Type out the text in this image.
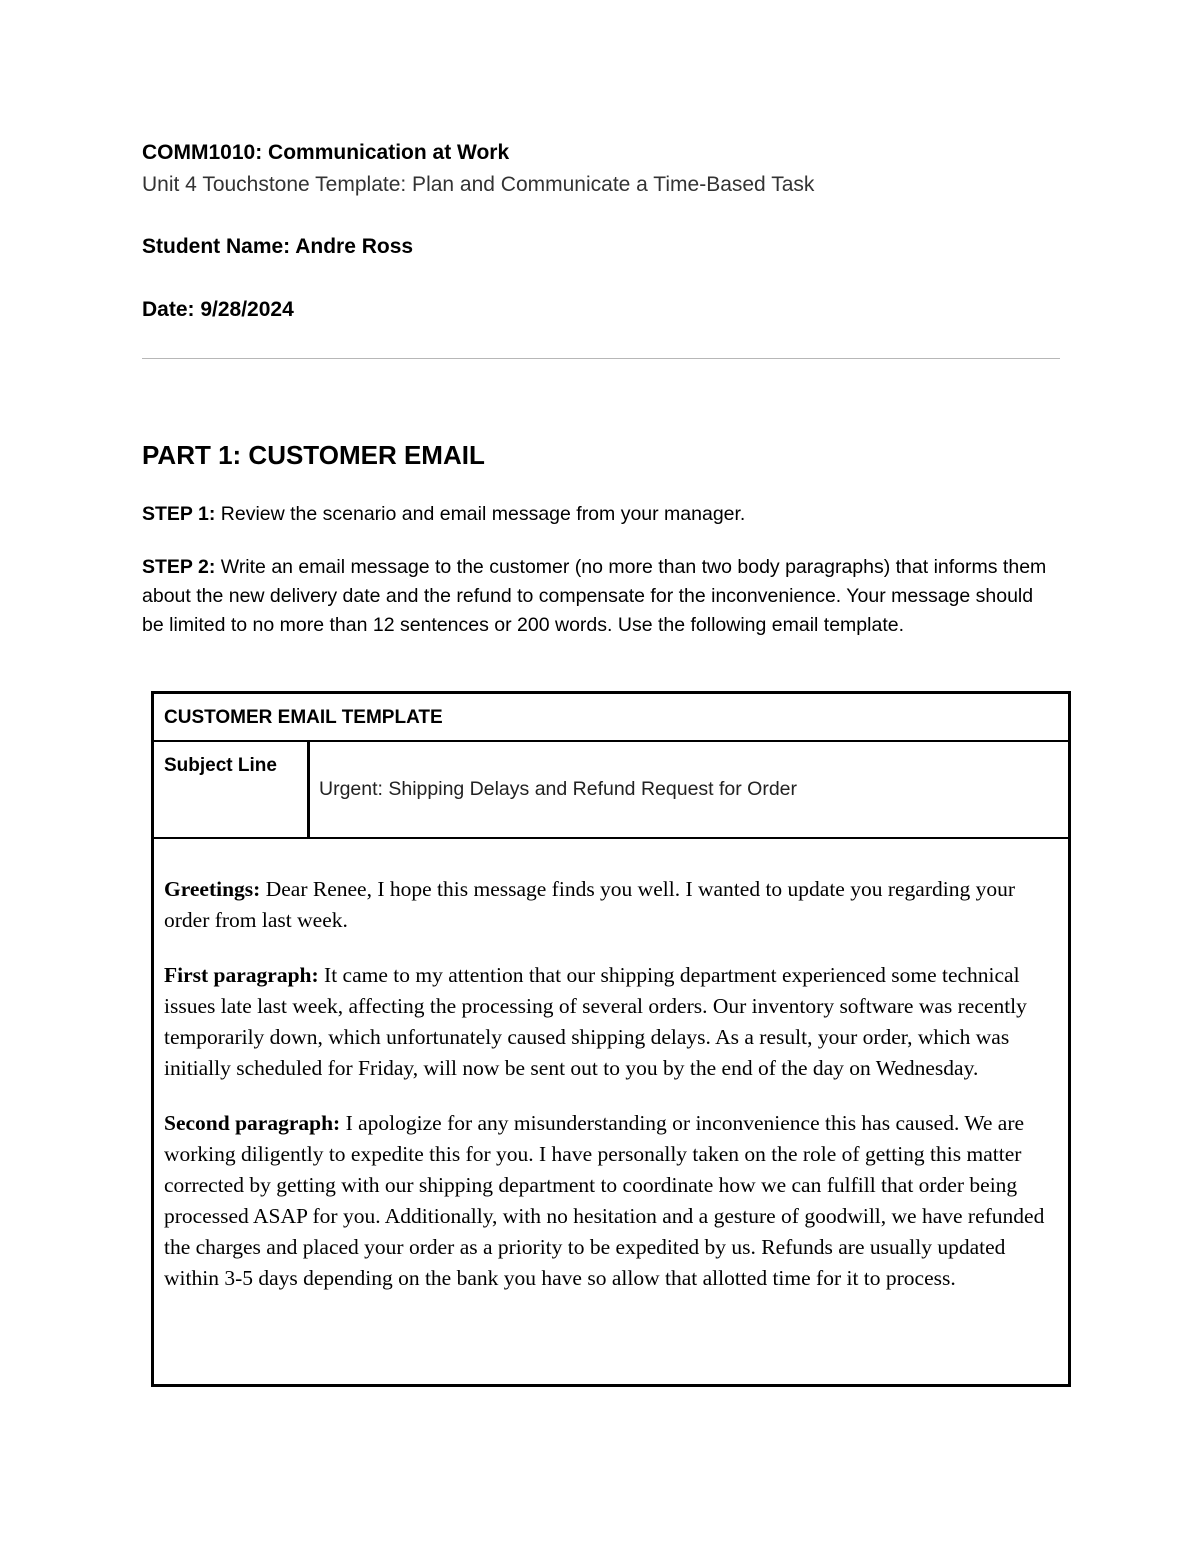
COMM1010: Communication at Work
Unit 4 Touchstone Template: Plan and Communicate a Time-Based Task
Student Name: Andre Ross
Date: 9/28/2024
PART 1: CUSTOMER EMAIL
STEP 1: Review the scenario and email message from your manager.
STEP 2: Write an email message to the customer (no more than two body paragraphs) that informs them about the new delivery date and the refund to compensate for the inconvenience. Your message should be limited to no more than 12 sentences or 200 words. Use the following email template.
CUSTOMER EMAIL TEMPLATE
Subject Line
Urgent: Shipping Delays and Refund Request for Order

Greetings: Dear Renee, I hope this message finds you well. I wanted to update you regarding your order from last week.

First paragraph: It came to my attention that our shipping department experienced some technical issues late last week, affecting the processing of several orders. Our inventory software was recently temporarily down, which unfortunately caused shipping delays. As a result, your order, which was initially scheduled for Friday, will now be sent out to you by the end of the day on Wednesday.

Second paragraph: I apologize for any misunderstanding or inconvenience this has caused. We are working diligently to expedite this for you. I have personally taken on the role of getting this matter corrected by getting with our shipping department to coordinate how we can fulfill that order being processed ASAP for you. Additionally, with no hesitation and a gesture of goodwill, we have refunded the charges and placed your order as a priority to be expedited by us. Refunds are usually updated within 3-5 days depending on the bank you have so allow that allotted time for it to process.
